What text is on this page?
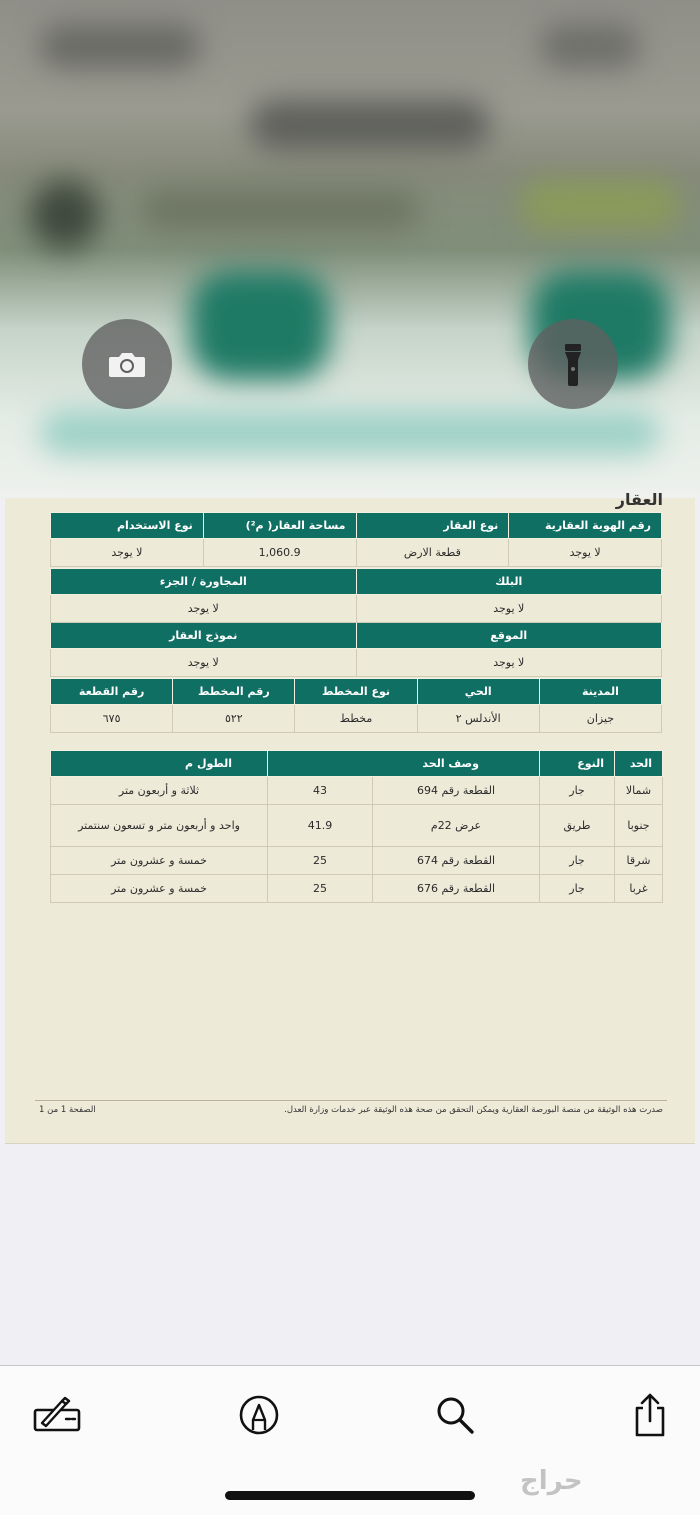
العقار
رقم الهوية العقارية	نوع العقار	مساحة العقار( م²)	نوع الاستخدام
لا يوجد	قطعة الارض	1,060.9	لا يوجد
البلك	المجاورة / الجزء
لا يوجد	لا يوجد
الموقع	نموذج العقار
لا يوجد	لا يوجد
المدينة	الحي	نوع المخطط	رقم المخطط	رقم القطعة
جيزان	الأندلس ٢	مخطط	٥٢٢	٦٧٥
الحد	النوع	وصف الحد		الطول م
شمالا	جار	القطعة رقم 694	43	ثلاثة و أربعون متر
جنوبا	طريق	عرض 22م	41.9	واحد و أربعون متر و تسعون سنتمتر
شرقا	جار	القطعة رقم 674	25	خمسة و عشرون متر
غربا	جار	القطعة رقم 676	25	خمسة و عشرون متر
صدرت هذه الوثيقة من منصة البورصة العقارية ويمكن التحقق من صحة هذه الوثيقة عبر خدمات وزارة العدل.
الصفحة 1 من 1
حراج
